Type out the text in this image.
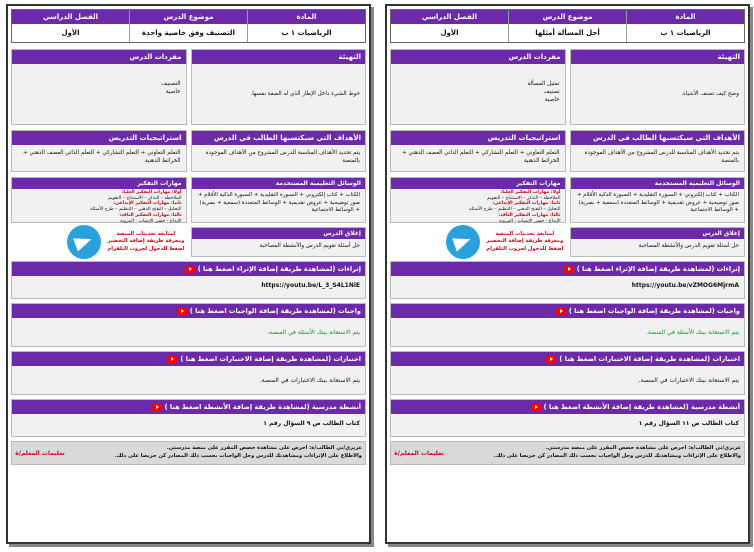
المادة
الرياضيات ١ ب
موضوع الدرس
أحل المسألة أمثلها
الفصل الدراسي
الأول
التهيئة
وضح كيف تصنف الأشياء.
مفردات الدرس
تمثيل المسألة
تصنيف
خاصية
الأهداف التي سيكتسبها الطالب في الدرس
يتم تحديد الأهداف المناسبة للدرس المشروح من الأهداف الموجودة بالمنصة
استراتيجيات التدريس
التعلم التعاوني + التعلم التشاركي + التعلم الذاتي العصف الذهني + الخرائط الذهنية
الوسائل التعليمية المستخدمة
الكتاب + كتاب إلكتروني + السبورة التقليدية + السبورة الذكية الأقلام + صور توضيحية + عروض تقديمية + الوسائط المتعددة (سمعية + بصرية) + الوسائط الاجتماعية
إغلاق الدرس
حل أسئلة تقويم الدرس والأنشطة المصاحبة
مهارات التفكير
أولا: مهارات التفكير العليا:
الملاحظة – التذكر – الاستنتاج – التقويم
ثانيا: مهارات التفكير الإبداعي:
التحليل – التفتح الذهني – التنظيم – طرح الأسئلة
ثالثا: مهارات التفكير الناقد:
الإبداع - حسن الإنصات - المرونة
لمتابعة تحديثات المنصة
ومعرفة طريقة إضافة التحضير
اضغط للدخول لجروب التلقرام
إثراءات (لمشاهدة طريقة إضافة الإثراء اضغط هنا )
https://youtu.be/vZMOG6MjrmA
واجبات (لمشاهدة طريقة إضافة الواجبات اضغط هنا )
يتم الاستعانة ببنك الأسئلة في المنصة.
اختبارات (لمشاهدة طريقة إضافة الاختبارات اضغط هنا )
يتم الاستعانة ببنك الاختبارات في المنصة.
أنشطة مدرسية (لمشاهدة طريقة إضافة الأنشطة اضغط هنا )
كتاب الطالب ص ١١ السؤال رقم ١
عزيزي/تي الطالب/ة: احرص على مشاهدة حصص المقرر على منصة مدرستي.
والاطلاع على الإثراءات ومشاهدتك للدرس وحل الواجبات بحسب ذلك المصادر كن حريصا على ذلك.
تعليمات المعلم/ة
المادة
الرياضيات ١ ب
موضوع الدرس
التصنيف وفق خاصية واحدة
الفصل الدراسي
الأول
التهيئة
حوط الشيء داخل الإطار الذي له الصفة نفسها.
مفردات الدرس
التصنيف
خاصية
الأهداف التي سيكتسبها الطالب في الدرس
يتم تحديد الأهداف المناسبة للدرس المشروح من الأهداف الموجودة بالمنصة
استراتيجيات التدريس
التعلم التعاوني + التعلم التشاركي + التعلم الذاتي العصف الذهني + الخرائط الذهنية
الوسائل التعليمية المستخدمة
الكتاب + كتاب إلكتروني + السبورة التقليدية + السبورة الذكية الأقلام + صور توضيحية + عروض تقديمية + الوسائط المتعددة (سمعية + بصرية) + الوسائط الاجتماعية
إغلاق الدرس
حل أسئلة تقويم الدرس والأنشطة المصاحبة
مهارات التفكير
أولا: مهارات التفكير العليا:
الملاحظة – التذكر – الاستنتاج – التقويم
ثانيا: مهارات التفكير الإبداعي:
التحليل – التفتح الذهني – التنظيم – طرح الأسئلة
ثالثا: مهارات التفكير الناقد:
الإبداع - حسن الإنصات - المرونة
لمتابعة تحديثات المنصة
ومعرفة طريقة إضافة التحضير
اضغط للدخول لجروب التلقرام
إثراءات (لمشاهدة طريقة إضافة الإثراء اضغط هنا )
https://youtu.be/L_3_S4L1NiE
واجبات (لمشاهدة طريقة إضافة الواجبات اضغط هنا )
يتم الاستعانة ببنك الأسئلة في المنصة.
اختبارات (لمشاهدة طريقة إضافة الاختبارات اضغط هنا )
يتم الاستعانة ببنك الاختبارات في المنصة.
أنشطة مدرسية (لمشاهدة طريقة إضافة الأنشطة اضغط هنا )
كتاب الطالب ص ٩ السؤال رقم ١
عزيزي/تي الطالب/ة: احرص على مشاهدة حصص المقرر على منصة مدرستي.
والاطلاع على الإثراءات ومشاهدتك للدرس وحل الواجبات بحسب ذلك المصادر كن حريصا على ذلك.
تعليمات المعلم/ة
